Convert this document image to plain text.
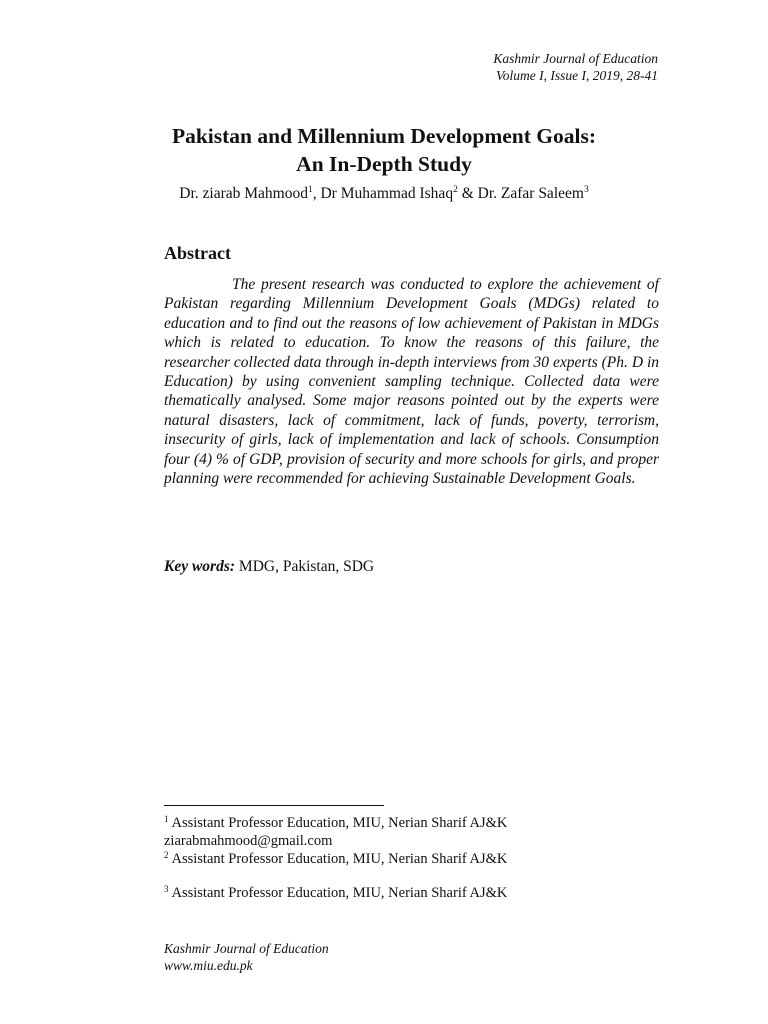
Kashmir Journal of Education
Volume I, Issue I, 2019, 28-41
Pakistan and Millennium Development Goals:
An In-Depth Study
Dr. ziarab Mahmood$^1$, Dr Muhammad Ishaq$^2$ & Dr. Zafar Saleem$^3$
Abstract
The present research was conducted to explore the achievement of Pakistan regarding Millennium Development Goals (MDGs) related to education and to find out the reasons of low achievement of Pakistan in MDGs which is related to education. To know the reasons of this failure, the researcher collected data through in-depth interviews from 30 experts (Ph. D in Education) by using convenient sampling technique. Collected data were thematically analysed. Some major reasons pointed out by the experts were natural disasters, lack of commitment, lack of funds, poverty, terrorism, insecurity of girls, lack of implementation and lack of schools. Consumption four (4) % of GDP, provision of security and more schools for girls, and proper planning were recommended for achieving Sustainable Development Goals.
Key words: MDG, Pakistan, SDG
$^1$ Assistant Professor Education, MIU, Nerian Sharif AJ&K
ziarabmahmood@gmail.com
$^2$ Assistant Professor Education, MIU, Nerian Sharif AJ&K
$^3$ Assistant Professor Education, MIU, Nerian Sharif AJ&K
Kashmir Journal of Education
www.miu.edu.pk
